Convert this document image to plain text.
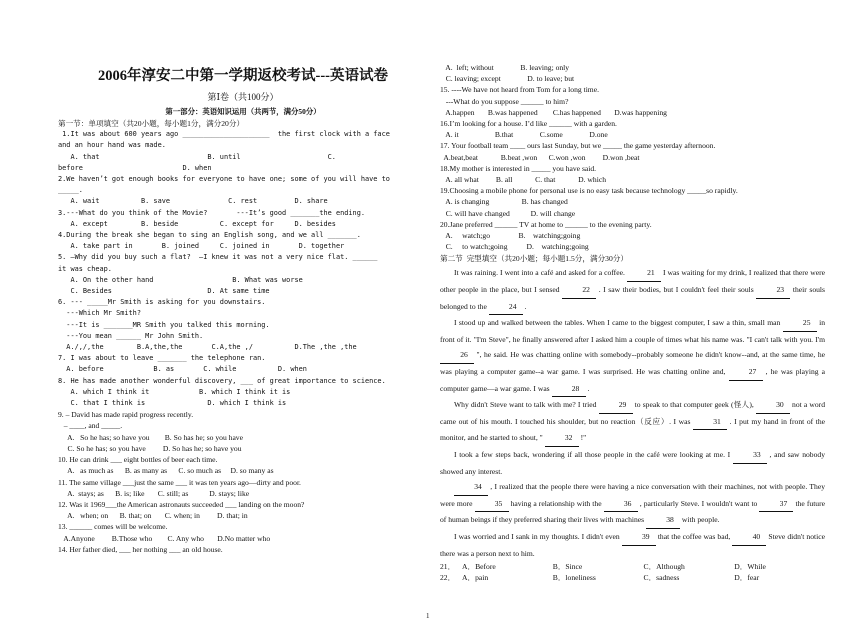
2006年淳安二中第一学期返校考试---英语试卷
第Ⅰ卷（共100分）
第一部分：英语知识运用（共两节，满分50分）
第一节：单项填空（共20小题，每小题1分，满分20分）
1.It was about 600 years ago _____________________  the first clock with a face
and an hour hand was made.
A. that                          B. until                     C.
before                        D. when
2.We haven’t got enough books for everyone to have one; some of you will have to
_____.
A. wait          B. save              C. rest         D. share
3.---What do you think of the Movie?       ---It’s good _______the ending.
A. except        B. beside          C. except for     D. besides
4.During the break she began to sing an English song, and we all _______.
A. take part in       B. joined     C. joined in       D. together
5. —Why did you buy such a flat?  —I knew it was not a very nice flat. ______
it was cheap.
A. On the other hand                   B. What was worse
C. Besides                       D. At same time
6. --- _____Mr Smith is asking for you downstairs.
---Which Mr Smith?
---It is _______MR Smith you talked this morning.
---You mean ______ Mr John Smith.
A./,/,the        B.A,the,the       C.A,the ,/          D.The ,the ,the
7. I was about to leave _______ the telephone ran.
A. before            B. as       C. while          D. when
8. He has made another wonderful discovery, ___ of great importance to science.
A. which I think it            B. which I think it is
C. that I think is               D. which I think is
9. – David has made rapid progress recently.
– ____, and _____.
A.   So he has; so have you        B. So has he; so you have
C. So he has; so you have         D. So has he; so have you
10. He can drink ___ eight bottles of beer each time.
A.   as much as      B. as many as      C. so much as     D. so many as
11. The same village ___just the same ___ it was ten years ago—dirty and poor.
A.  stays; as      B. is; like       C. still; as           D. stays; like
12. Was it 1969___the American astronauts succeeded ___ landing on the moon?
A.   when; on      B. that; on       C. when; in         D. that; in
13. ______ comes will be welcome.
A.Anyone         B.Those who        C. Any who       D.No matter who
14. Her father died, ___ her nothing ___ an old house.
A.  left; without              B. leaving; only
C. leaving; except              D. to leave; but
15. ----We have not heard from Tom for a long time.
---What do you suppose ______ to him?
A.happen       B.was happened        C.has happened       D.was happening
16.I’m looking for a house. I’d like ______ with a garden.
A. it                   B.that              C.some              D.one
17. Your football team ____ ours last Sunday, but we _____ the game yesterday afternoon.
A.beat,beat            B.beat ,won      C.won ,won         D.won ,beat
18.My mother is interested in _____ you have said.
A. all what         B. all            C. that            D. which
19.Choosing a mobile phone for personal use is no easy task because technology _____so rapidly.
A. is changing                 B. has changed
C. will have changed           D. will change
20.Jane preferred ______ TV at home to ______ to the evening party.
A.     watch;go               B.    watching;going
C.     to watch;going          D.    watching;going
第二节  完型填空（共20小题；每小题1.5分，满分30分）
It was raining. I went into a café and asked for a coffee.	21 I was waiting for my drink, I realized that there were other people in the place, but I sensed	22 . I saw their bodies, but I couldn't feel their souls	23 their souls belonged to the	24 .
I stood up and walked between the tables. When I came to the biggest computer, I saw a thin, small man	25 in front of it. "I'm Steve", he finally answered after I asked him a couple of times what his name was. "I can't talk with you. I'm 26 ", he said. He was chatting online with somebody--probably someone he didn't know--and, at the same time, he was playing a computer game--a war game. I was surprised. He was chatting online and,	27 , he was playing a computer game—a war game. I was	28 .
Why didn't Steve want to talk with me? I tried	29 to speak to that computer geek (怪人),	30 not a word came out of his mouth. I touched his shoulder, but no reaction（反应）. I was	31 . I put my hand in front of the monitor, and he started to shout, "	32 !"
I took a few steps back, wondering if all those people in the café were looking at me. I	33 , and saw nobody showed any interest.
34 , I realized that the people there were having a nice conversation with their machines, not with people. They were more	35 having a relationship with the	36 , particularly Steve. I wouldn't want to	37 the future of human beings if they preferred sharing their lives with machines	38 with people.
I was worried and I sank in my thoughts. I didn't even	39 that the coffee was bad,	40 Steve didn't notice there was a person next to him.
21． A．Before	B．Since	C．Although	D．While
22． A．pain	B．loneliness	C．sadness	D．fear
1
